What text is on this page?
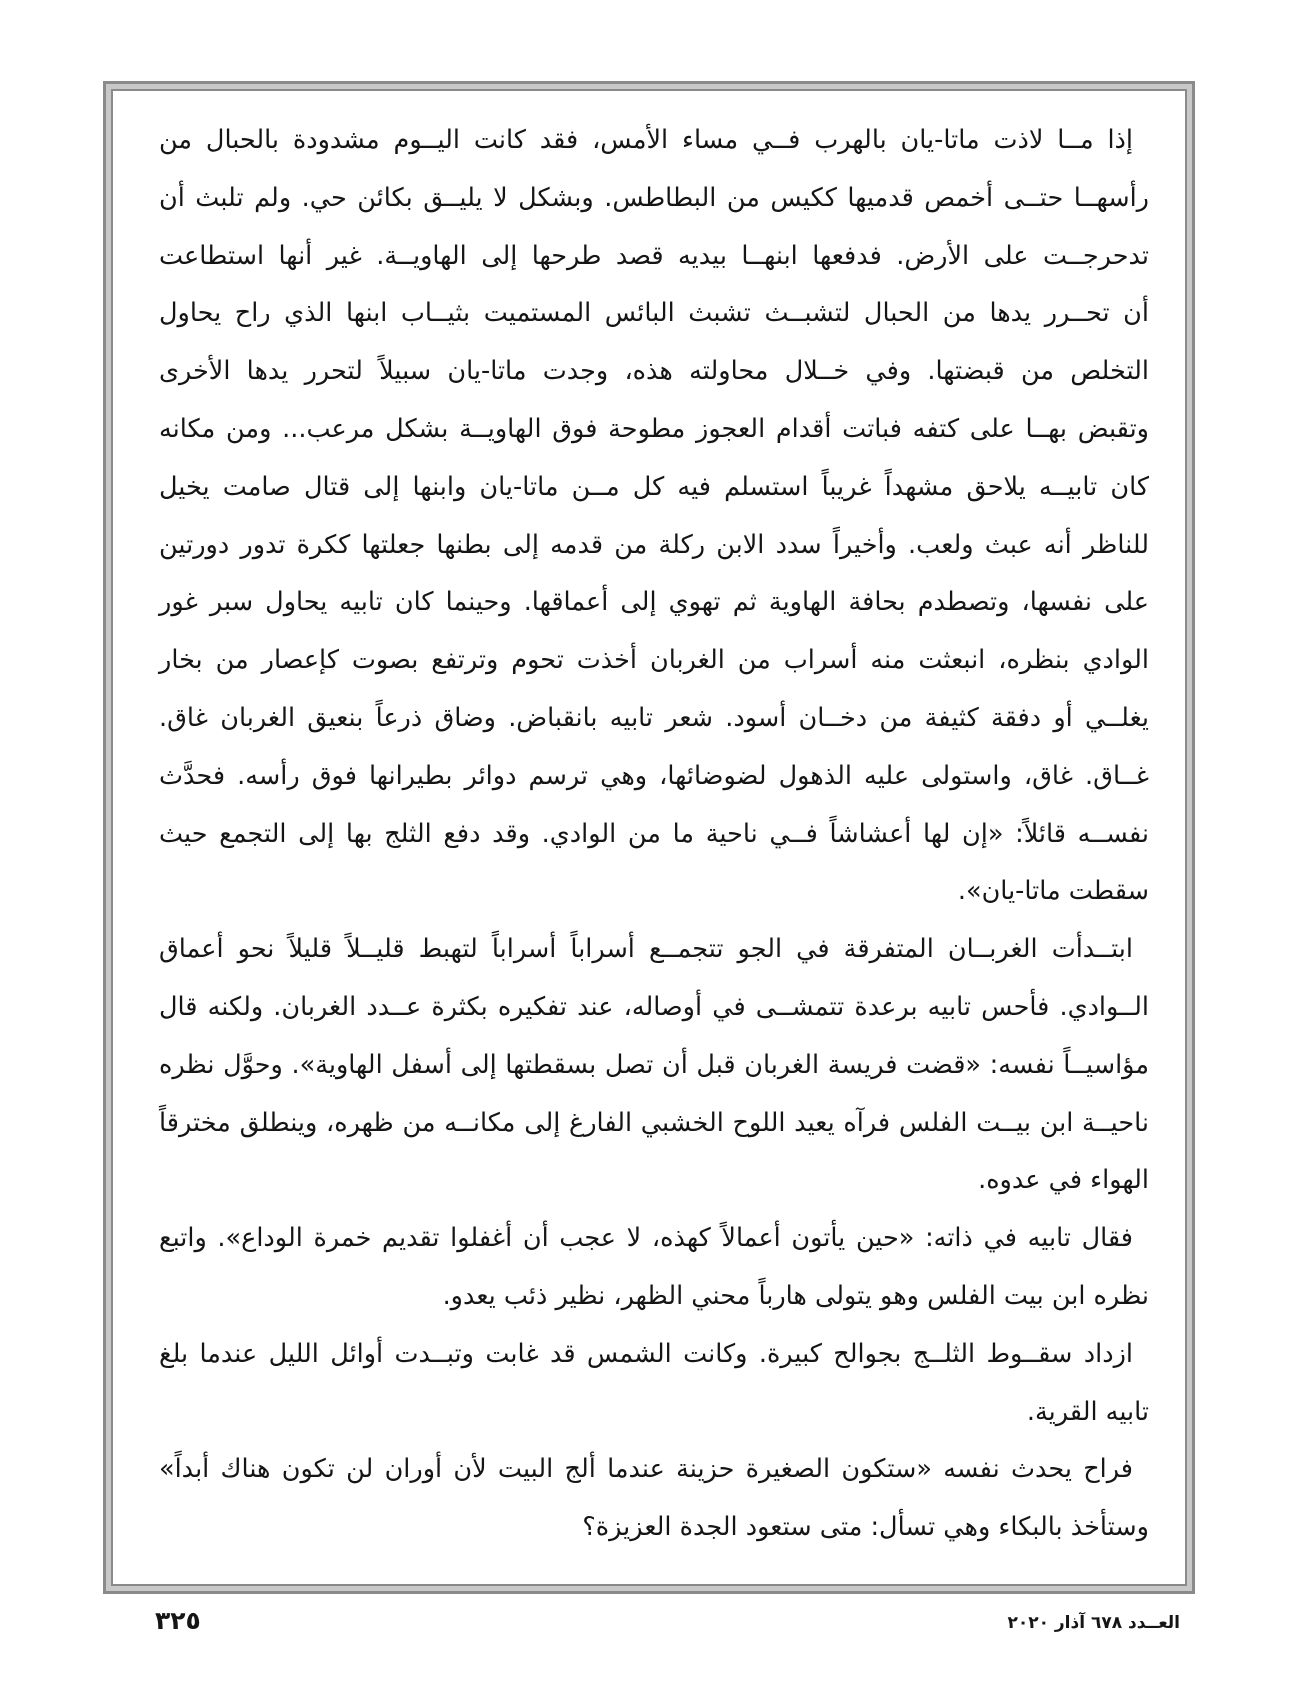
إذا مــا لاذت ماتا-يان بالهرب فــي مساء الأمس، فقد كانت اليــوم مشدودة بالحبال من
رأسهــا حتــى أخمص قدميها ككيس من البطاطس. وبشكل لا يليــق بكائن حي. ولم تلبث أن
تدحرجــت على الأرض. فدفعها ابنهــا بيديه قصد طرحها إلى الهاويــة. غير أنها استطاعت
أن تحــرر يدها من الحبال لتشبــث تشبث البائس المستميت بثيــاب ابنها الذي راح يحاول
التخلص من قبضتها. وفي خــلال محاولته هذه، وجدت ماتا-يان سبيلاً لتحرر يدها الأخرى
وتقبض بهــا على كتفه فباتت أقدام العجوز مطوحة فوق الهاويــة بشكل مرعب... ومن مكانه
كان تابيــه يلاحق مشهداً غريباً استسلم فيه كل مــن ماتا-يان وابنها إلى قتال صامت يخيل
للناظر أنه عبث ولعب. وأخيراً سدد الابن ركلة من قدمه إلى بطنها جعلتها ككرة تدور دورتين
على نفسها، وتصطدم بحافة الهاوية ثم تهوي إلى أعماقها. وحينما كان تابيه يحاول سبر غور
الوادي بنظره، انبعثت منه أسراب من الغربان أخذت تحوم وترتفع بصوت كإعصار من بخار
يغلــي أو دفقة كثيفة من دخــان أسود. شعر تابيه بانقباض. وضاق ذرعاً بنعيق الغربان غاق.
غــاق. غاق، واستولى عليه الذهول لضوضائها، وهي ترسم دوائر بطيرانها فوق رأسه. فحدَّث
نفســه قائلاً: «إن لها أعشاشاً فــي ناحية ما من الوادي. وقد دفع الثلج بها إلى التجمع حيث
سقطت ماتا-يان».
ابتــدأت الغربــان المتفرقة في الجو تتجمــع أسراباً أسراباً لتهبط قليــلاً قليلاً نحو أعماق
الــوادي. فأحس تابيه برعدة تتمشــى في أوصاله، عند تفكيره بكثرة عــدد الغربان. ولكنه قال
مؤاسيــاً نفسه: «قضت فريسة الغربان قبل أن تصل بسقطتها إلى أسفل الهاوية». وحوَّل نظره
ناحيــة ابن بيــت الفلس فرآه يعيد اللوح الخشبي الفارغ إلى مكانــه من ظهره، وينطلق مخترقاً
الهواء في عدوه.
فقال تابيه في ذاته: «حين يأتون أعمالاً كهذه، لا عجب أن أغفلوا تقديم خمرة الوداع». واتبع
نظره ابن بيت الفلس وهو يتولى هارباً محني الظهر، نظير ذئب يعدو.
ازداد سقــوط الثلــج بجوالح كبيرة. وكانت الشمس قد غابت وتبــدت أوائل الليل عندما بلغ
تابيه القرية.
فراح يحدث نفسه «ستكون الصغيرة حزينة عندما ألج البيت لأن أوران لن تكون هناك أبداً»
وستأخذ بالبكاء وهي تسأل: متى ستعود الجدة العزيزة؟
العــدد ٦٧٨ آذار ٢٠٢٠
٣٢٥
